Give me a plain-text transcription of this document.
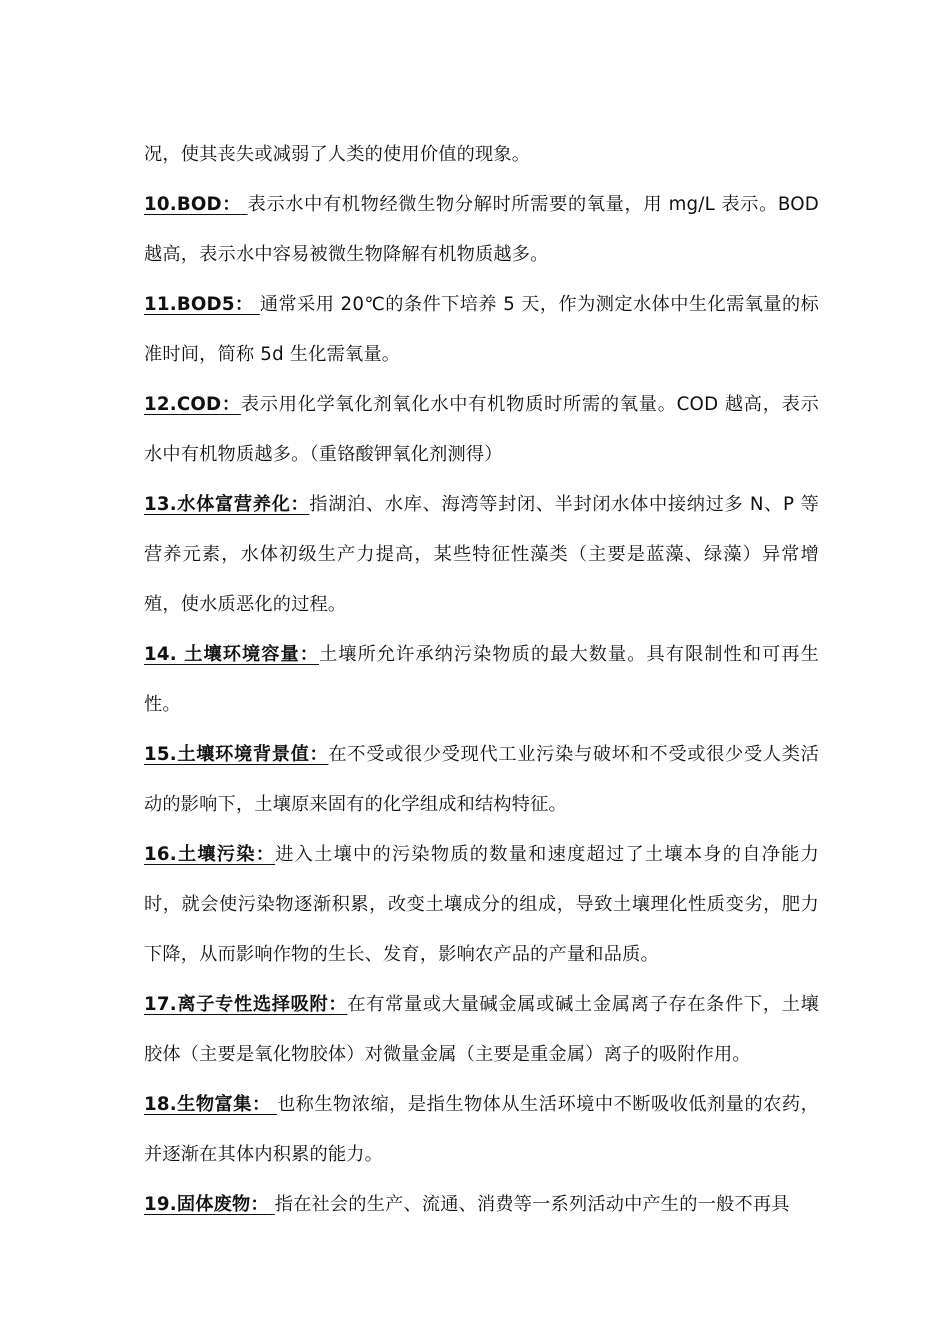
况，使其丧失或减弱了人类的使用价值的现象。

10.BOD： 表示水中有机物经微生物分解时所需要的氧量，用 mg/L 表示。BOD 越高，表示水中容易被微生物降解有机物质越多。

11.BOD5： 通常采用 20℃的条件下培养 5 天，作为测定水体中生化需氧量的标准时间，简称 5d 生化需氧量。

12.COD：表示用化学氧化剂氧化水中有机物质时所需的氧量。COD 越高，表示水中有机物质越多。（重铬酸钾氧化剂测得）

13.水体富营养化：指湖泊、水库、海湾等封闭、半封闭水体中接纳过多 N、P 等营养元素，水体初级生产力提高，某些特征性藻类（主要是蓝藻、绿藻）异常增殖，使水质恶化的过程。

14. 土壤环境容量：土壤所允许承纳污染物质的最大数量。具有限制性和可再生性。

15.土壤环境背景值：在不受或很少受现代工业污染与破坏和不受或很少受人类活动的影响下，土壤原来固有的化学组成和结构特征。

16.土壤污染：进入土壤中的污染物质的数量和速度超过了土壤本身的自净能力时，就会使污染物逐渐积累，改变土壤成分的组成，导致土壤理化性质变劣，肥力下降，从而影响作物的生长、发育，影响农产品的产量和品质。

17.离子专性选择吸附：在有常量或大量碱金属或碱土金属离子存在条件下，土壤胶体（主要是氧化物胶体）对微量金属（主要是重金属）离子的吸附作用。

18.生物富集： 也称生物浓缩，是指生物体从生活环境中不断吸收低剂量的农药，并逐渐在其体内积累的能力。

19.固体废物： 指在社会的生产、流通、消费等一系列活动中产生的一般不再具
